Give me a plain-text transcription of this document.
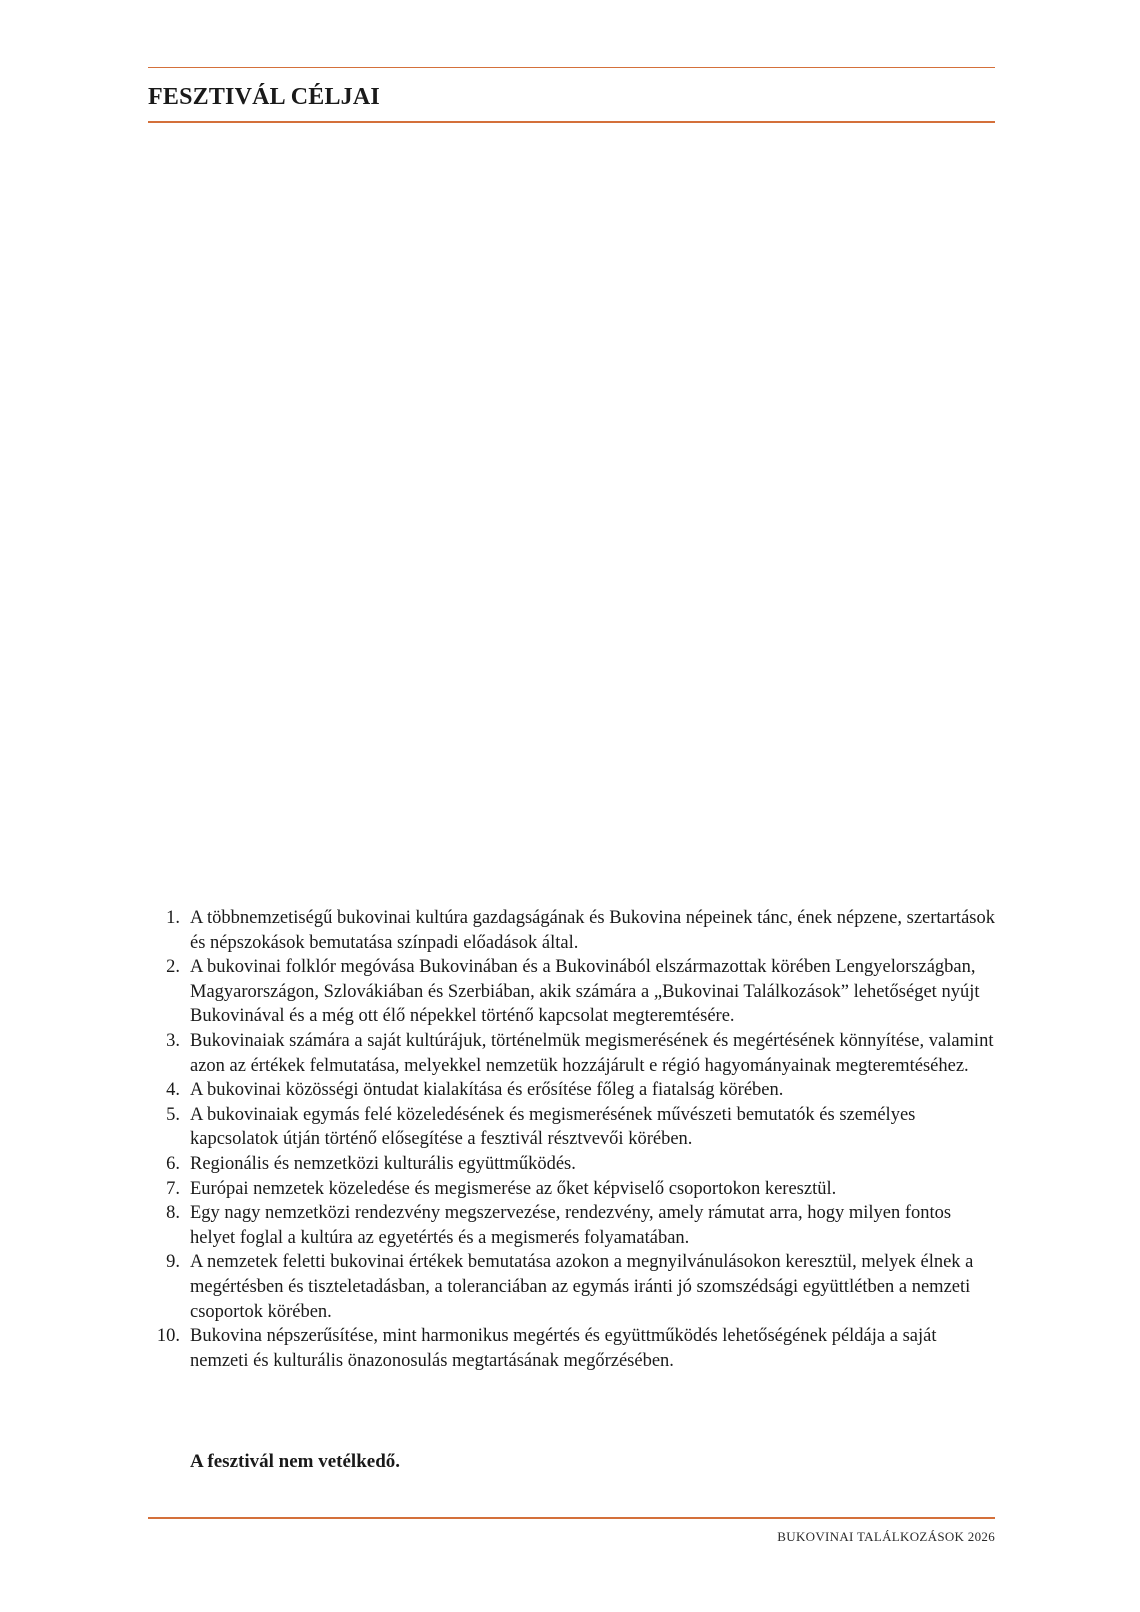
FESZTIVÁL CÉLJAI
1. A többnemzetiségű bukovinai kultúra gazdagságának és Bukovina népeinek tánc, ének népzene, szertartások és népszokások bemutatása színpadi előadások által.
2. A bukovinai folklór megóvása Bukovinában és a Bukovinából elszármazottak körében Lengyelországban, Magyarországon, Szlovákiában és Szerbiában, akik számára a „Bukovinai Találkozások” lehetőséget nyújt Bukovinával és a még ott élő népekkel történő kapcsolat megteremtésére.
3. Bukovinaiak számára a saját kultúrájuk, történelmük megismerésének és megértésének könnyítése, valamint azon az értékek felmutatása, melyekkel nemzetük hozzájárult e régió hagyományainak megteremtéséhez.
4. A bukovinai közösségi öntudat kialakítása és erősítése főleg a fiatalság körében.
5. A bukovinaiak egymás felé közeledésének és megismerésének művészeti bemutatók és személyes kapcsolatok útján történő elősegítése a fesztivál résztvevői körében.
6. Regionális és nemzetközi kulturális együttműködés.
7. Európai nemzetek közeledése és megismerése az őket képviselő csoportokon keresztül.
8. Egy nagy nemzetközi rendezvény megszervezése, rendezvény, amely rámutat arra, hogy milyen fontos helyet foglal a kultúra az egyetértés és a megismerés folyamatában.
9. A nemzetek feletti bukovinai értékek bemutatása azokon a megnyilvánulásokon keresztül, melyek élnek a megértésben és tiszteletadásban, a toleranciában az egymás iránti jó szomszédsági együttlétben a nemzeti csoportok körében.
10. Bukovina népszerűsítése, mint harmonikus megértés és együttműködés lehetőségének példája a saját nemzeti és kulturális önazonosulás megtartásának megőrzésében.

A fesztivál nem vetélkedő.

BUKOVINAI TALÁLKOZÁSOK 2026
